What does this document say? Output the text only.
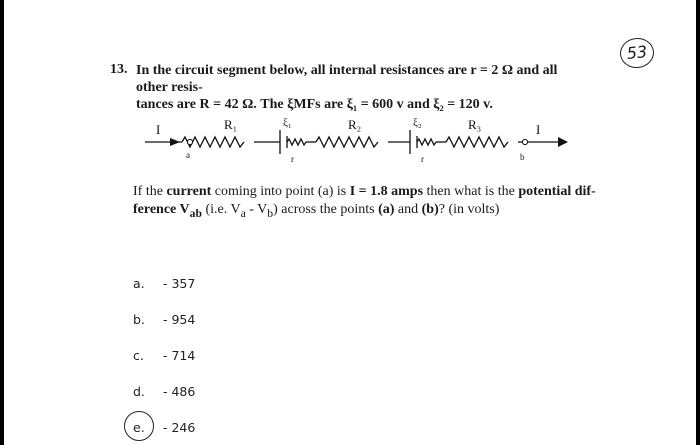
53
13. In the circuit segment below, all internal resistances are r = 2 Ω and all other resis-
tances are R = 42 Ω. The ξMFs are ξ₁ = 600 v and ξ₂ = 120 v.
I	I
a	b
R₁	R₂	R₃
ξ₁	ξ₂
r	r
If the current coming into point (a) is I = 1.8 amps then what is the potential dif- ference $V_{ab}$ (i.e. $V_a - V_b$) across the points (a) and (b)? (in volts)
a. - 357
b. - 954
c. - 714
d. - 486
e. - 246
